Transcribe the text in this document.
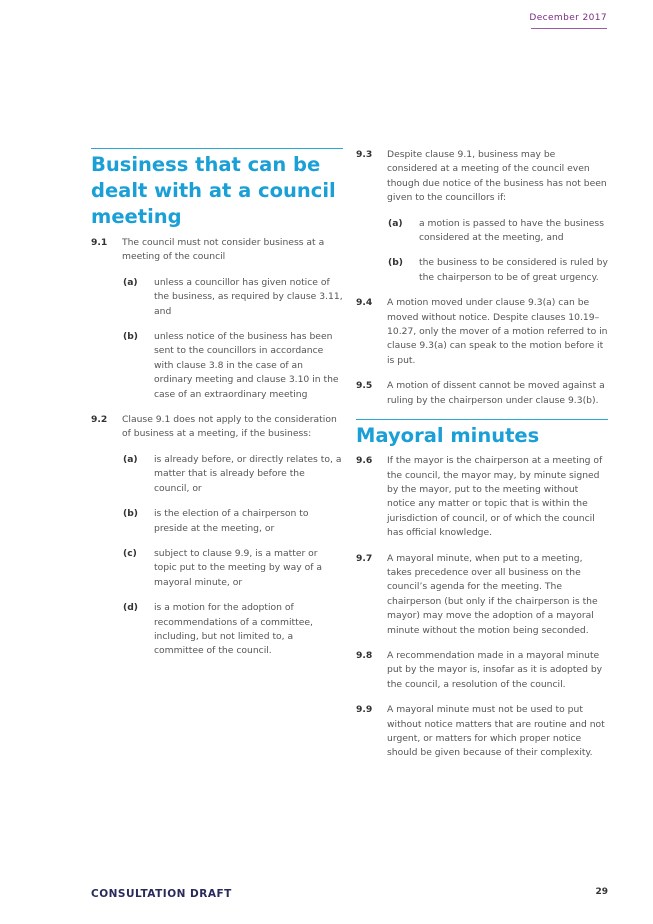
December 2017
Business that can be dealt with at a council meeting
9.1 The council must not consider business at a meeting of the council
(a) unless a councillor has given notice of the business, as required by clause 3.11, and
(b) unless notice of the business has been sent to the councillors in accordance with clause 3.8 in the case of an ordinary meeting and clause 3.10 in the case of an extraordinary meeting
9.2 Clause 9.1 does not apply to the consideration of business at a meeting, if the business:
(a) is already before, or directly relates to, a matter that is already before the council, or
(b) is the election of a chairperson to preside at the meeting, or
(c) subject to clause 9.9, is a matter or topic put to the meeting by way of a mayoral minute, or
(d) is a motion for the adoption of recommendations of a committee, including, but not limited to, a committee of the council.
9.3 Despite clause 9.1, business may be considered at a meeting of the council even though due notice of the business has not been given to the councillors if:
(a) a motion is passed to have the business considered at the meeting, and
(b) the business to be considered is ruled by the chairperson to be of great urgency.
9.4 A motion moved under clause 9.3(a) can be moved without notice. Despite clauses 10.19–10.27, only the mover of a motion referred to in clause 9.3(a) can speak to the motion before it is put.
9.5 A motion of dissent cannot be moved against a ruling by the chairperson under clause 9.3(b).
Mayoral minutes
9.6 If the mayor is the chairperson at a meeting of the council, the mayor may, by minute signed by the mayor, put to the meeting without notice any matter or topic that is within the jurisdiction of council, or of which the council has official knowledge.
9.7 A mayoral minute, when put to a meeting, takes precedence over all business on the council’s agenda for the meeting. The chairperson (but only if the chairperson is the mayor) may move the adoption of a mayoral minute without the motion being seconded.
9.8 A recommendation made in a mayoral minute put by the mayor is, insofar as it is adopted by the council, a resolution of the council.
9.9 A mayoral minute must not be used to put without notice matters that are routine and not urgent, or matters for which proper notice should be given because of their complexity.
CONSULTATION DRAFT	29
